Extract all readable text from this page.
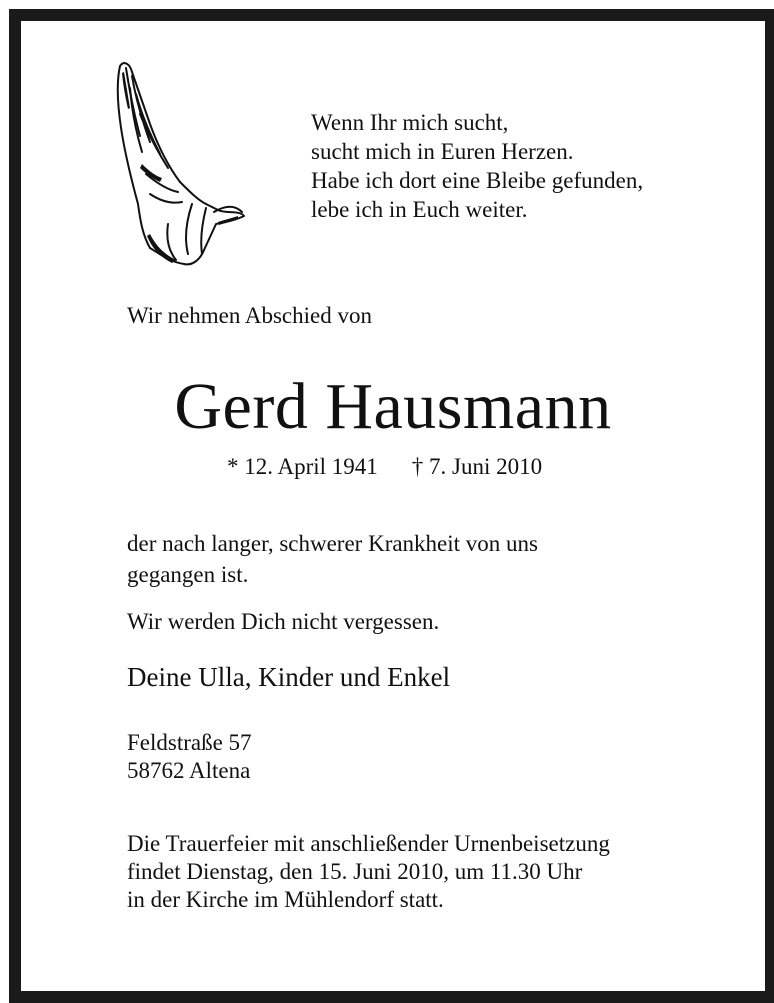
Wenn Ihr mich sucht,
sucht mich in Euren Herzen.
Habe ich dort eine Bleibe gefunden,
lebe ich in Euch weiter.
Wir nehmen Abschied von
Gerd Hausmann
* 12. April 1941 † 7. Juni 2010
der nach langer, schwerer Krankheit von uns
gegangen ist.
Wir werden Dich nicht vergessen.
Deine Ulla, Kinder und Enkel
Feldstraße 57
58762 Altena
Die Trauerfeier mit anschließender Urnenbeisetzung
findet Dienstag, den 15. Juni 2010, um 11.30 Uhr
in der Kirche im Mühlendorf statt.
